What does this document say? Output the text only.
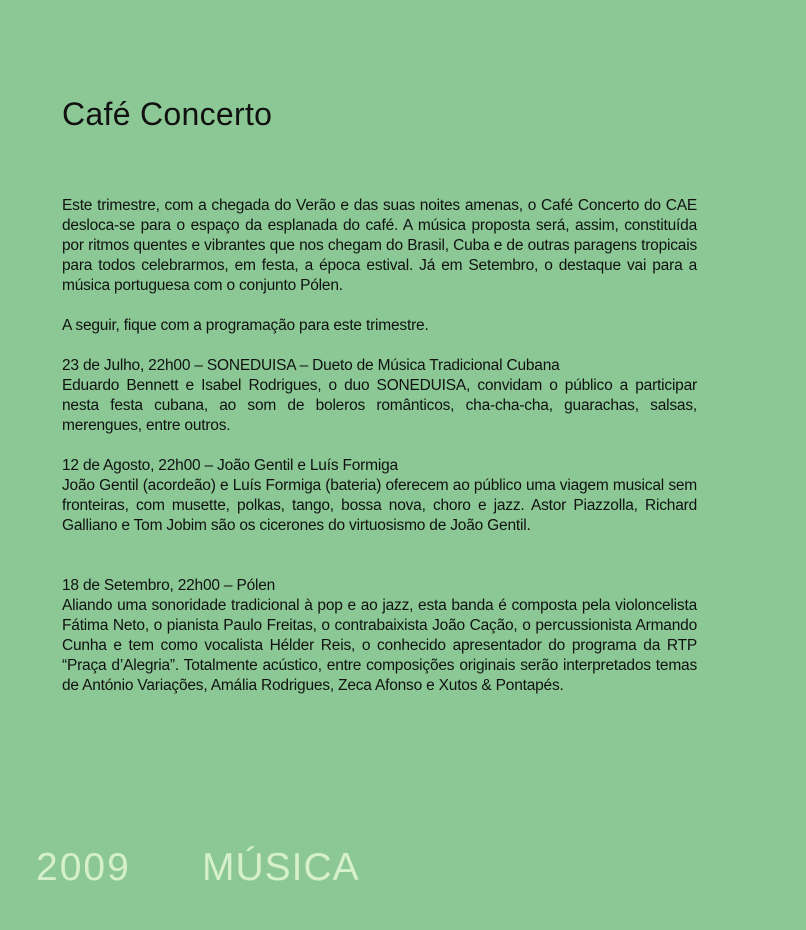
Café Concerto

Este trimestre, com a chegada do Verão e das suas noites amenas, o Café Concerto do CAE desloca-se para o espaço da esplanada do café. A música proposta será, assim, constituída por ritmos quentes e vibrantes que nos chegam do Brasil, Cuba e de outras paragens tropicais para todos celebrarmos, em festa, a época estival. Já em Setembro, o destaque vai para a música portuguesa com o conjunto Pólen.

A seguir, fique com a programação para este trimestre.

23 de Julho, 22h00 – SONEDUISA – Dueto de Música Tradicional Cubana

Eduardo Bennett e Isabel Rodrigues, o duo SONEDUISA, convidam o público a participar nesta festa cubana, ao som de boleros românticos, cha-cha-cha, guarachas, salsas, merengues, entre outros.

12 de Agosto, 22h00 – João Gentil e Luís Formiga

João Gentil (acordeão) e Luís Formiga (bateria) oferecem ao público uma viagem musical sem fronteiras, com musette, polkas, tango, bossa nova, choro e jazz. Astor Piazzolla, Richard Galliano e Tom Jobim são os cicerones do virtuosismo de João Gentil.

18 de Setembro, 22h00 – Pólen

Aliando uma sonoridade tradicional à pop e ao jazz, esta banda é composta pela violoncelista Fátima Neto, o pianista Paulo Freitas, o contrabaixista João Cação, o percussionista Armando Cunha e tem como vocalista Hélder Reis, o conhecido apresentador do programa da RTP “Praça d’Alegria”. Totalmente acústico, entre composições originais serão interpretados temas de António Variações, Amália Rodrigues, Zeca Afonso e Xutos & Pontapés.

2009 MÚSICA
